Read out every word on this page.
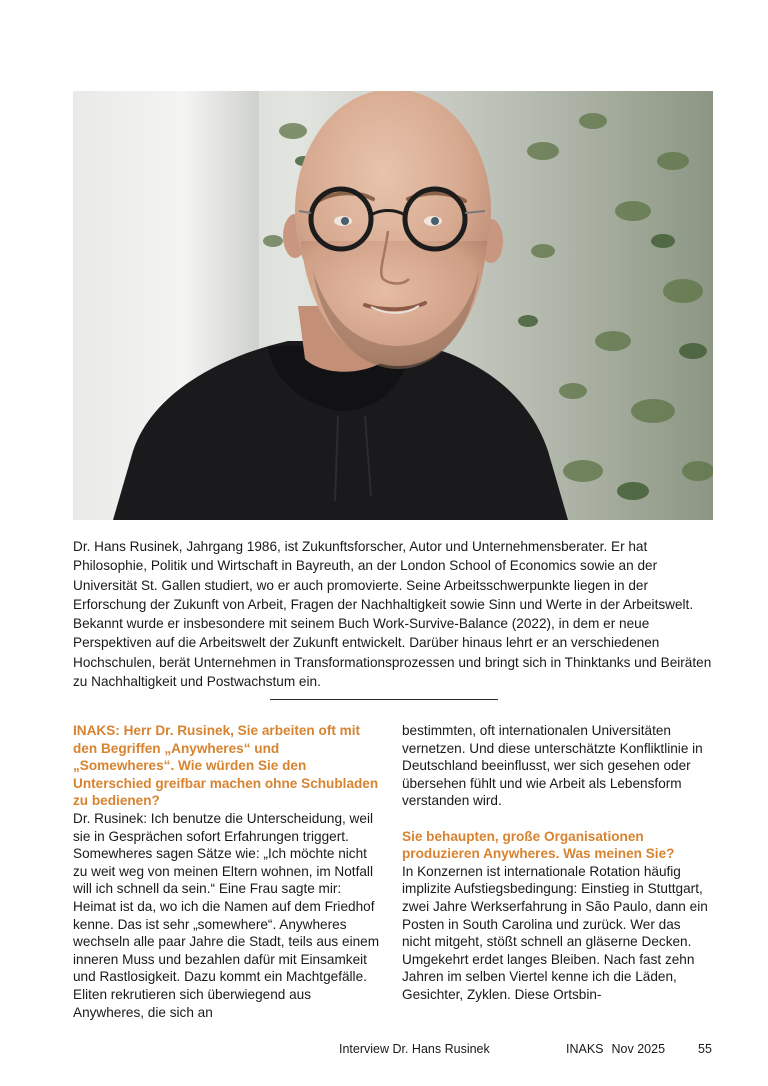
Dr. Hans Rusinek, Jahrgang 1986, ist Zukunftsforscher, Autor und Unternehmensberater. Er hat Philosophie, Politik und Wirtschaft in Bayreuth, an der London School of Economics sowie an der Universität St. Gallen studiert, wo er auch promovierte. Seine Arbeitsschwerpunkte liegen in der Erforschung der Zukunft von Arbeit, Fragen der Nachhaltigkeit sowie Sinn und Werte in der Arbeitswelt. Bekannt wurde er insbesondere mit seinem Buch Work-Survive-Balance (2022), in dem er neue Perspektiven auf die Arbeitswelt der Zukunft entwickelt. Darüber hinaus lehrt er an verschiedenen Hochschulen, berät Unternehmen in Transformationsprozessen und bringt sich in Thinktanks und Beiräten zu Nachhaltigkeit und Postwachstum ein.

INAKS: Herr Dr. Rusinek, Sie arbeiten oft mit den Begriffen „Anywheres“ und „Somewheres“. Wie würden Sie den Unterschied greifbar machen ohne Schubladen zu bedienen?

Dr. Rusinek: Ich benutze die Unterscheidung, weil sie in Gesprächen sofort Erfahrungen triggert. Somewheres sagen Sätze wie: „Ich möchte nicht zu weit weg von meinen Eltern wohnen, im Notfall will ich schnell da sein.“ Eine Frau sagte mir: Heimat ist da, wo ich die Namen auf dem Friedhof kenne. Das ist sehr „somewhere“. Anywheres wechseln alle paar Jahre die Stadt, teils aus einem inneren Muss und bezahlen dafür mit Einsamkeit und Rastlosigkeit. Dazu kommt ein Machtgefälle. Eliten rekrutieren sich überwiegend aus Anywheres, die sich an

bestimmten, oft internationalen Universitäten vernetzen. Und diese unterschätzte Konfliktlinie in Deutschland beeinflusst, wer sich gesehen oder übersehen fühlt und wie Arbeit als Lebensform verstanden wird.

Sie behaupten, große Organisationen produzieren Anywheres. Was meinen Sie?

In Konzernen ist internationale Rotation häufig implizite Aufstiegsbedingung: Einstieg in Stuttgart, zwei Jahre Werkserfahrung in São Paulo, dann ein Posten in South Carolina und zurück. Wer das nicht mitgeht, stößt schnell an gläserne Decken. Umgekehrt erdet langes Bleiben. Nach fast zehn Jahren im selben Viertel kenne ich die Läden, Gesichter, Zyklen. Diese Ortsbin-

Interview Dr. Hans Rusinek	INAKS Nov 2025	55
